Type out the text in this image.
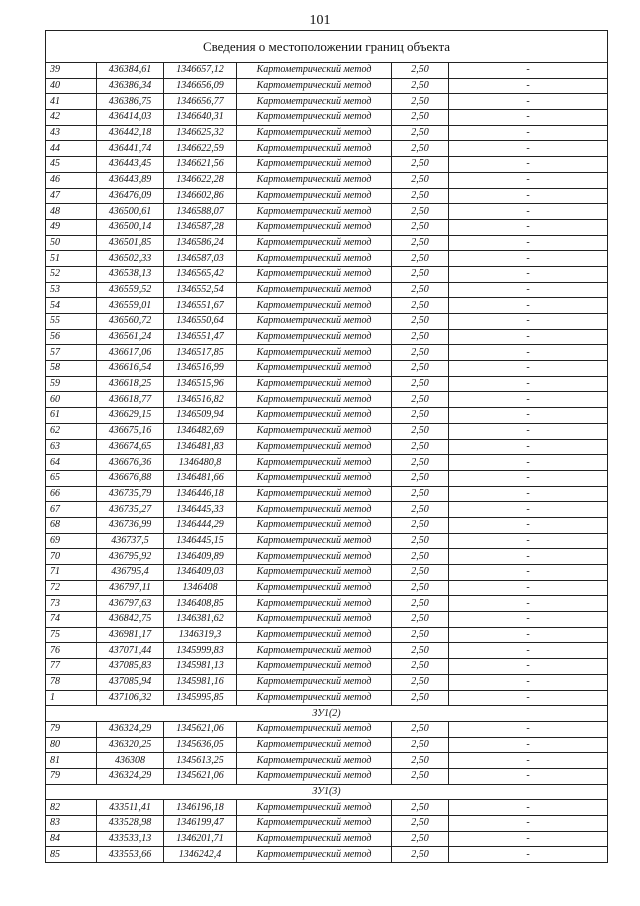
101
Сведения о местоположении границ объекта
39	436384,61	1346657,12	Картометрический метод	2,50	-
40	436386,34	1346656,09	Картометрический метод	2,50	-
41	436386,75	1346656,77	Картометрический метод	2,50	-
42	436414,03	1346640,31	Картометрический метод	2,50	-
43	436442,18	1346625,32	Картометрический метод	2,50	-
44	436441,74	1346622,59	Картометрический метод	2,50	-
45	436443,45	1346621,56	Картометрический метод	2,50	-
46	436443,89	1346622,28	Картометрический метод	2,50	-
47	436476,09	1346602,86	Картометрический метод	2,50	-
48	436500,61	1346588,07	Картометрический метод	2,50	-
49	436500,14	1346587,28	Картометрический метод	2,50	-
50	436501,85	1346586,24	Картометрический метод	2,50	-
51	436502,33	1346587,03	Картометрический метод	2,50	-
52	436538,13	1346565,42	Картометрический метод	2,50	-
53	436559,52	1346552,54	Картометрический метод	2,50	-
54	436559,01	1346551,67	Картометрический метод	2,50	-
55	436560,72	1346550,64	Картометрический метод	2,50	-
56	436561,24	1346551,47	Картометрический метод	2,50	-
57	436617,06	1346517,85	Картометрический метод	2,50	-
58	436616,54	1346516,99	Картометрический метод	2,50	-
59	436618,25	1346515,96	Картометрический метод	2,50	-
60	436618,77	1346516,82	Картометрический метод	2,50	-
61	436629,15	1346509,94	Картометрический метод	2,50	-
62	436675,16	1346482,69	Картометрический метод	2,50	-
63	436674,65	1346481,83	Картометрический метод	2,50	-
64	436676,36	1346480,8	Картометрический метод	2,50	-
65	436676,88	1346481,66	Картометрический метод	2,50	-
66	436735,79	1346446,18	Картометрический метод	2,50	-
67	436735,27	1346445,33	Картометрический метод	2,50	-
68	436736,99	1346444,29	Картометрический метод	2,50	-
69	436737,5	1346445,15	Картометрический метод	2,50	-
70	436795,92	1346409,89	Картометрический метод	2,50	-
71	436795,4	1346409,03	Картометрический метод	2,50	-
72	436797,11	1346408	Картометрический метод	2,50	-
73	436797,63	1346408,85	Картометрический метод	2,50	-
74	436842,75	1346381,62	Картометрический метод	2,50	-
75	436981,17	1346319,3	Картометрический метод	2,50	-
76	437071,44	1345999,83	Картометрический метод	2,50	-
77	437085,83	1345981,13	Картометрический метод	2,50	-
78	437085,94	1345981,16	Картометрический метод	2,50	-
1	437106,32	1345995,85	Картометрический метод	2,50	-
ЗУ1(2)					
79	436324,29	1345621,06	Картометрический метод	2,50	-
80	436320,25	1345636,05	Картометрический метод	2,50	-
81	436308	1345613,25	Картометрический метод	2,50	-
79	436324,29	1345621,06	Картометрический метод	2,50	-
ЗУ1(3)					
82	433511,41	1346196,18	Картометрический метод	2,50	-
83	433528,98	1346199,47	Картометрический метод	2,50	-
84	433533,13	1346201,71	Картометрический метод	2,50	-
85	433553,66	1346242,4	Картометрический метод	2,50	-
